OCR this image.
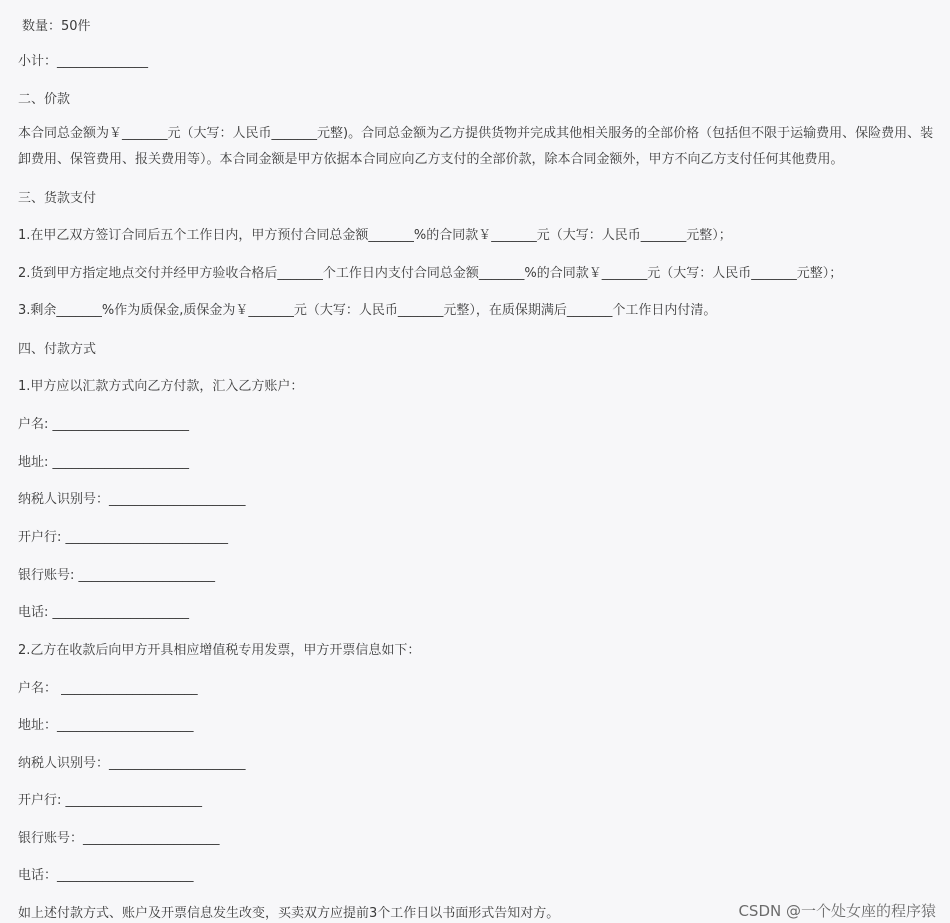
数量：50件
小计：______________
二、价款
本合同总金额为￥_______元（大写：人民币_______元整)。合同总金额为乙方提供货物并完成其他相关服务的全部价格（包括但不限于运输费用、保险费用、装卸费用、保管费用、报关费用等）。本合同金额是甲方依据本合同应向乙方支付的全部价款，除本合同金额外，甲方不向乙方支付任何其他费用。
三、货款支付
1.在甲乙双方签订合同后五个工作日内，甲方预付合同总金额_______%的合同款￥_______元（大写：人民币_______元整）；
2.货到甲方指定地点交付并经甲方验收合格后_______个工作日内支付合同总金额_______%的合同款￥_______元（大写：人民币_______元整）；
3.剩余_______%作为质保金,质保金为￥_______元（大写：人民币_______元整），在质保期满后_______个工作日内付清。
四、付款方式
1.甲方应以汇款方式向乙方付款，汇入乙方账户：
户名: _____________________
地址: _____________________
纳税人识别号：_____________________
开户行: _________________________
银行账号: _____________________
电话: _____________________
2.乙方在收款后向甲方开具相应增值税专用发票，甲方开票信息如下：
户名： _____________________
地址：_____________________
纳税人识别号：_____________________
开户行: _____________________
银行账号：_____________________
电话：_____________________
如上述付款方式、账户及开票信息发生改变，买卖双方应提前3个工作日以书面形式告知对方。	CSDN @一个处女座的程序猿
